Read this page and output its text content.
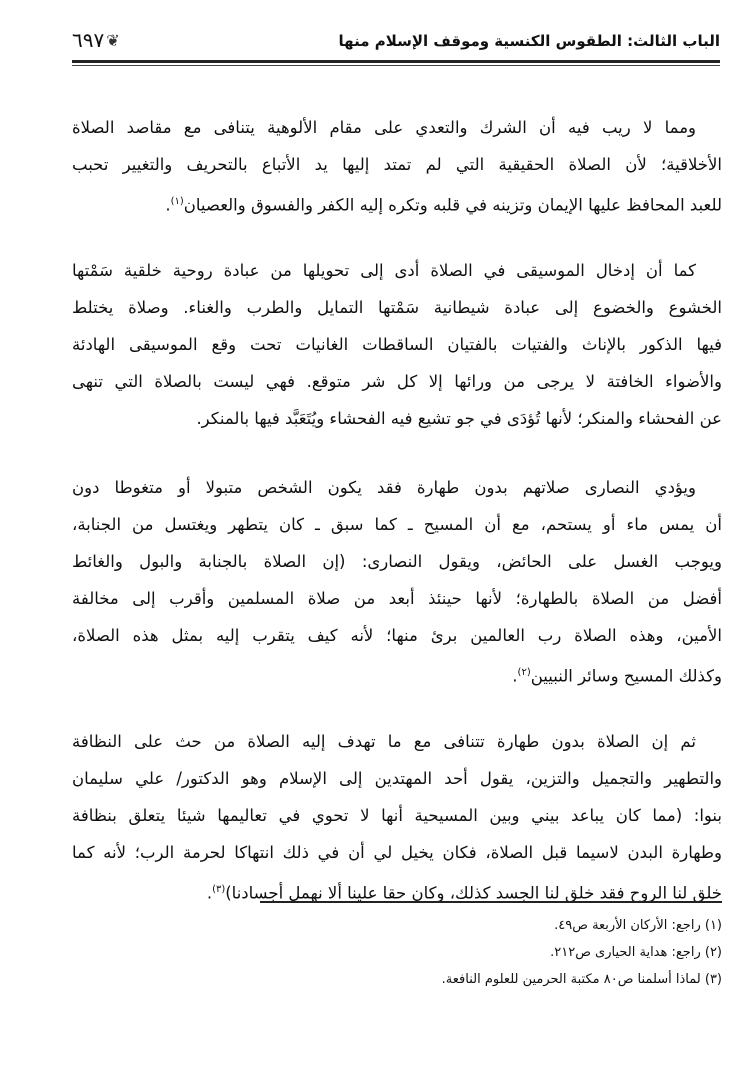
الباب الثالث: الطقوس الكنسية وموقف الإسلام منها
❦
٦٩٧
ومما لا ريب فيه أن الشرك والتعدي على مقام الألوهية يتنافى مع مقاصد الصلاة
الأخلاقية؛ لأن الصلاة الحقيقية التي لم تمتد إليها يد الأتباع بالتحريف والتغيير تحبب
للعبد المحافظ عليها الإيمان وتزينه في قلبه وتكره إليه الكفر والفسوق والعصيان$^{(١)}$.
كما أن إدخال الموسيقى في الصلاة أدى إلى تحويلها من عبادة روحية خلقية سَمْتها
الخشوع والخضوع إلى عبادة شيطانية سَمْتها التمايل والطرب والغناء. وصلاة يختلط
فيها الذكور بالإناث والفتيات بالفتيان الساقطات الغانيات تحت وقع الموسيقى الهادئة
والأضواء الخافتة لا يرجى من ورائها إلا كل شر متوقع. فهي ليست بالصلاة التي تنهى
عن الفحشاء والمنكر؛ لأنها تُؤدَى في جو تشيع فيه الفحشاء ويُتَعَبَّد فيها بالمنكر.
ويؤدي النصارى صلاتهم بدون طهارة فقد يكون الشخص متبولا أو متغوطا دون
أن يمس ماء أو يستحم، مع أن المسيح ـ كما سبق ـ كان يتطهر ويغتسل من الجنابة،
ويوجب الغسل على الحائض، ويقول النصارى: (إن الصلاة بالجنابة والبول والغائط
أفضل من الصلاة بالطهارة؛ لأنها حينئذ أبعد من صلاة المسلمين وأقرب إلى مخالفة
الأمين، وهذه الصلاة رب العالمين برئ منها؛ لأنه كيف يتقرب إليه بمثل هذه الصلاة،
وكذلك المسيح وسائر النبيين$^{(٢)}$.
ثم إن الصلاة بدون طهارة تتنافى مع ما تهدف إليه الصلاة من حث على النظافة
والتطهير والتجميل والتزين، يقول أحد المهتدين إلى الإسلام وهو الدكتور/ علي سليمان
بنوا: (مما كان يباعد بيني وبين المسيحية أنها لا تحوي في تعاليمها شيئا يتعلق بنظافة
وطهارة البدن لاسيما قبل الصلاة، فكان يخيل لي أن في ذلك انتهاكا لحرمة الرب؛ لأنه كما
خلق لنا الروح فقد خلق لنا الجسد كذلك، وكان حقا علينا ألا نهمل أجسادنا)$^{(٣)}$.
(١) راجع: الأركان الأربعة ص٤٩.
(٢) راجع: هداية الحيارى ص٢١٢.
(٣) لماذا أسلمنا ص٨٠ مكتبة الحرمين للعلوم النافعة.
